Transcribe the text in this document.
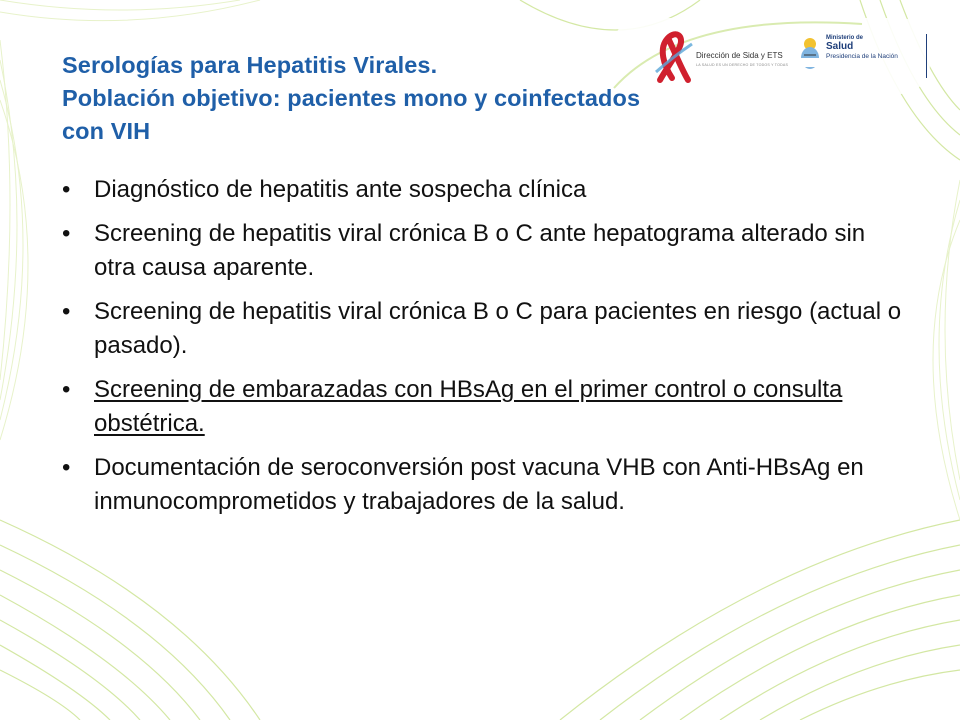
Dirección de Sida y ETS
LA SALUD ES UN DERECHO DE TODOS Y TODAS
Ministerio de
Salud
Presidencia de la Nación
Serologías para Hepatitis Virales.
Población objetivo: pacientes mono y coinfectados
con VIH
• Diagnóstico de hepatitis ante sospecha clínica
• Screening de hepatitis viral crónica B o C ante hepatograma alterado sin otra causa aparente.
• Screening de hepatitis viral crónica B o C para pacientes en riesgo (actual o pasado).
• Screening de embarazadas con HBsAg en el primer control o consulta obstétrica.
• Documentación de seroconversión post vacuna VHB con Anti-HBsAg en inmunocomprometidos y trabajadores de la salud.
